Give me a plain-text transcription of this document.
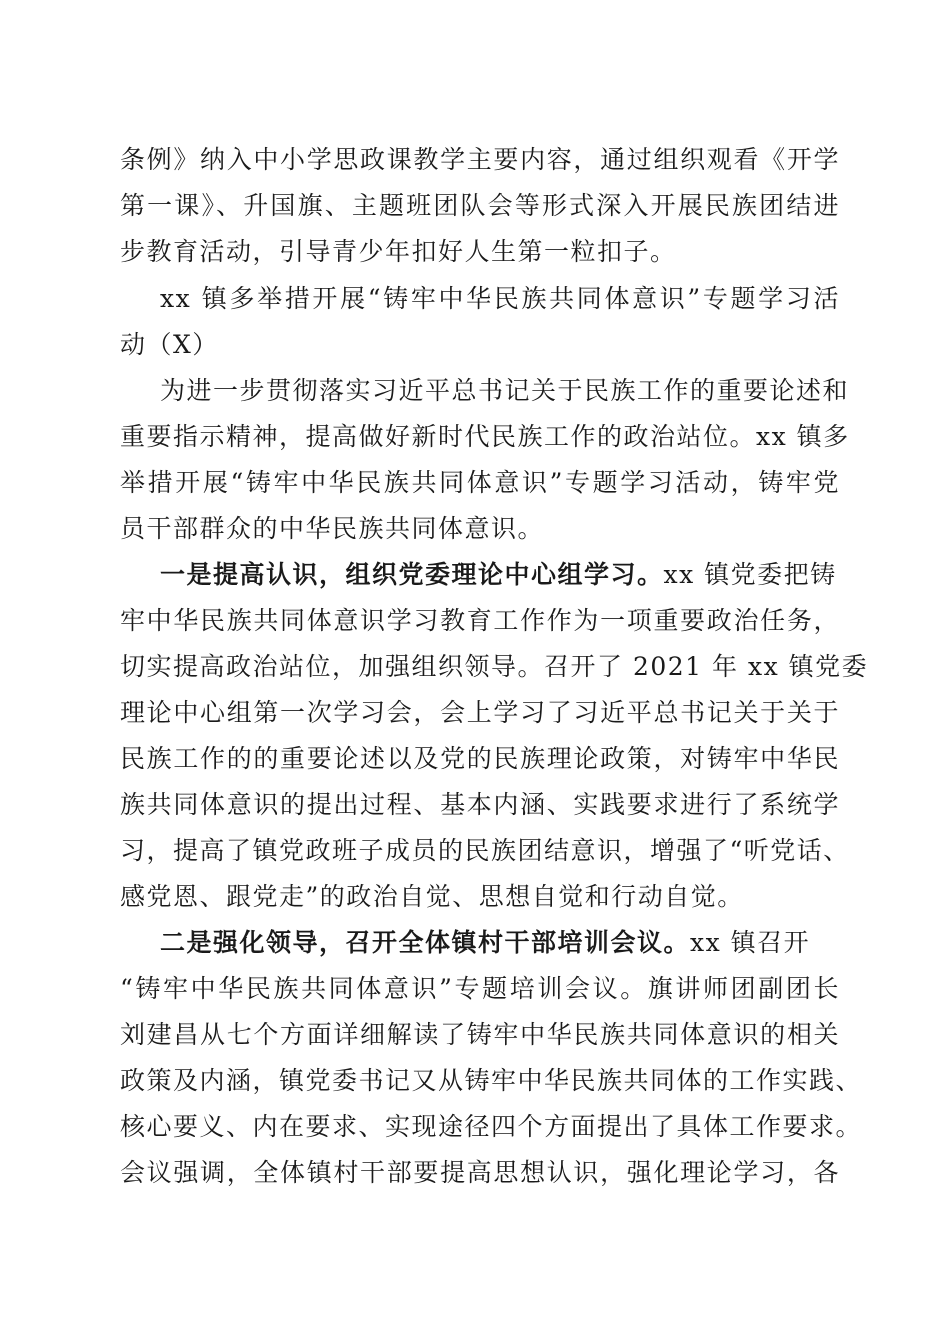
条例》纳入中小学思政课教学主要内容，通过组织观看《开学
第一课》、升国旗、主题班团队会等形式深入开展民族团结进
步教育活动，引导青少年扣好人生第一粒扣子。
xx 镇多举措开展“铸牢中华民族共同体意识”专题学习活
动（X）
为进一步贯彻落实习近平总书记关于民族工作的重要论述和
重要指示精神，提高做好新时代民族工作的政治站位。xx 镇多
举措开展“铸牢中华民族共同体意识”专题学习活动，铸牢党
员干部群众的中华民族共同体意识。
一是提高认识，组织党委理论中心组学习。xx 镇党委把铸
牢中华民族共同体意识学习教育工作作为一项重要政治任务，
切实提高政治站位，加强组织领导。召开了 2021 年 xx 镇党委
理论中心组第一次学习会，会上学习了习近平总书记关于关于
民族工作的的重要论述以及党的民族理论政策，对铸牢中华民
族共同体意识的提出过程、基本内涵、实践要求进行了系统学
习，提高了镇党政班子成员的民族团结意识，增强了“听党话、
感党恩、跟党走”的政治自觉、思想自觉和行动自觉。
二是强化领导，召开全体镇村干部培训会议。xx 镇召开
“铸牢中华民族共同体意识”专题培训会议。旗讲师团副团长
刘建昌从七个方面详细解读了铸牢中华民族共同体意识的相关
政策及内涵，镇党委书记又从铸牢中华民族共同体的工作实践、
核心要义、内在要求、实现途径四个方面提出了具体工作要求。
会议强调，全体镇村干部要提高思想认识，强化理论学习，各
